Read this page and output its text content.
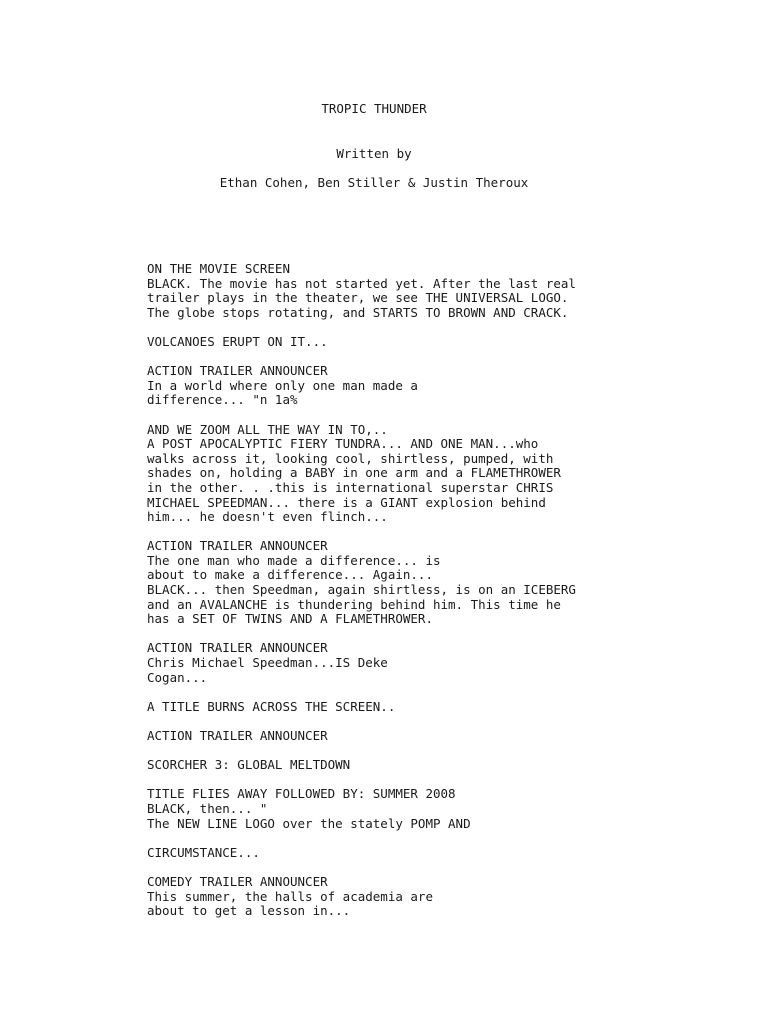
TROPIC THUNDER
Written by
Ethan Cohen, Ben Stiller & Justin Theroux
ON THE MOVIE SCREEN
BLACK. The movie has not started yet. After the last real
trailer plays in the theater, we see THE UNIVERSAL LOGO.
The globe stops rotating, and STARTS TO BROWN AND CRACK.
VOLCANOES ERUPT ON IT...
ACTION TRAILER ANNOUNCER
In a world where only one man made a
difference... "n 1a%
AND WE ZOOM ALL THE WAY IN TO,..
A POST APOCALYPTIC FIERY TUNDRA... AND ONE MAN...who
walks across it, looking cool, shirtless, pumped, with
shades on, holding a BABY in one arm and a FLAMETHROWER
in the other. . .this is international superstar CHRIS
MICHAEL SPEEDMAN... there is a GIANT explosion behind
him... he doesn't even flinch...
ACTION TRAILER ANNOUNCER
The one man who made a difference... is
about to make a difference... Again...
BLACK... then Speedman, again shirtless, is on an ICEBERG
and an AVALANCHE is thundering behind him. This time he
has a SET OF TWINS AND A FLAMETHROWER.
ACTION TRAILER ANNOUNCER
Chris Michael Speedman...IS Deke
Cogan...
A TITLE BURNS ACROSS THE SCREEN..
ACTION TRAILER ANNOUNCER
SCORCHER 3: GLOBAL MELTDOWN
TITLE FLIES AWAY FOLLOWED BY: SUMMER 2008
BLACK, then... "
The NEW LINE LOGO over the stately POMP AND
CIRCUMSTANCE...
COMEDY TRAILER ANNOUNCER
This summer, the halls of academia are
about to get a lesson in...
